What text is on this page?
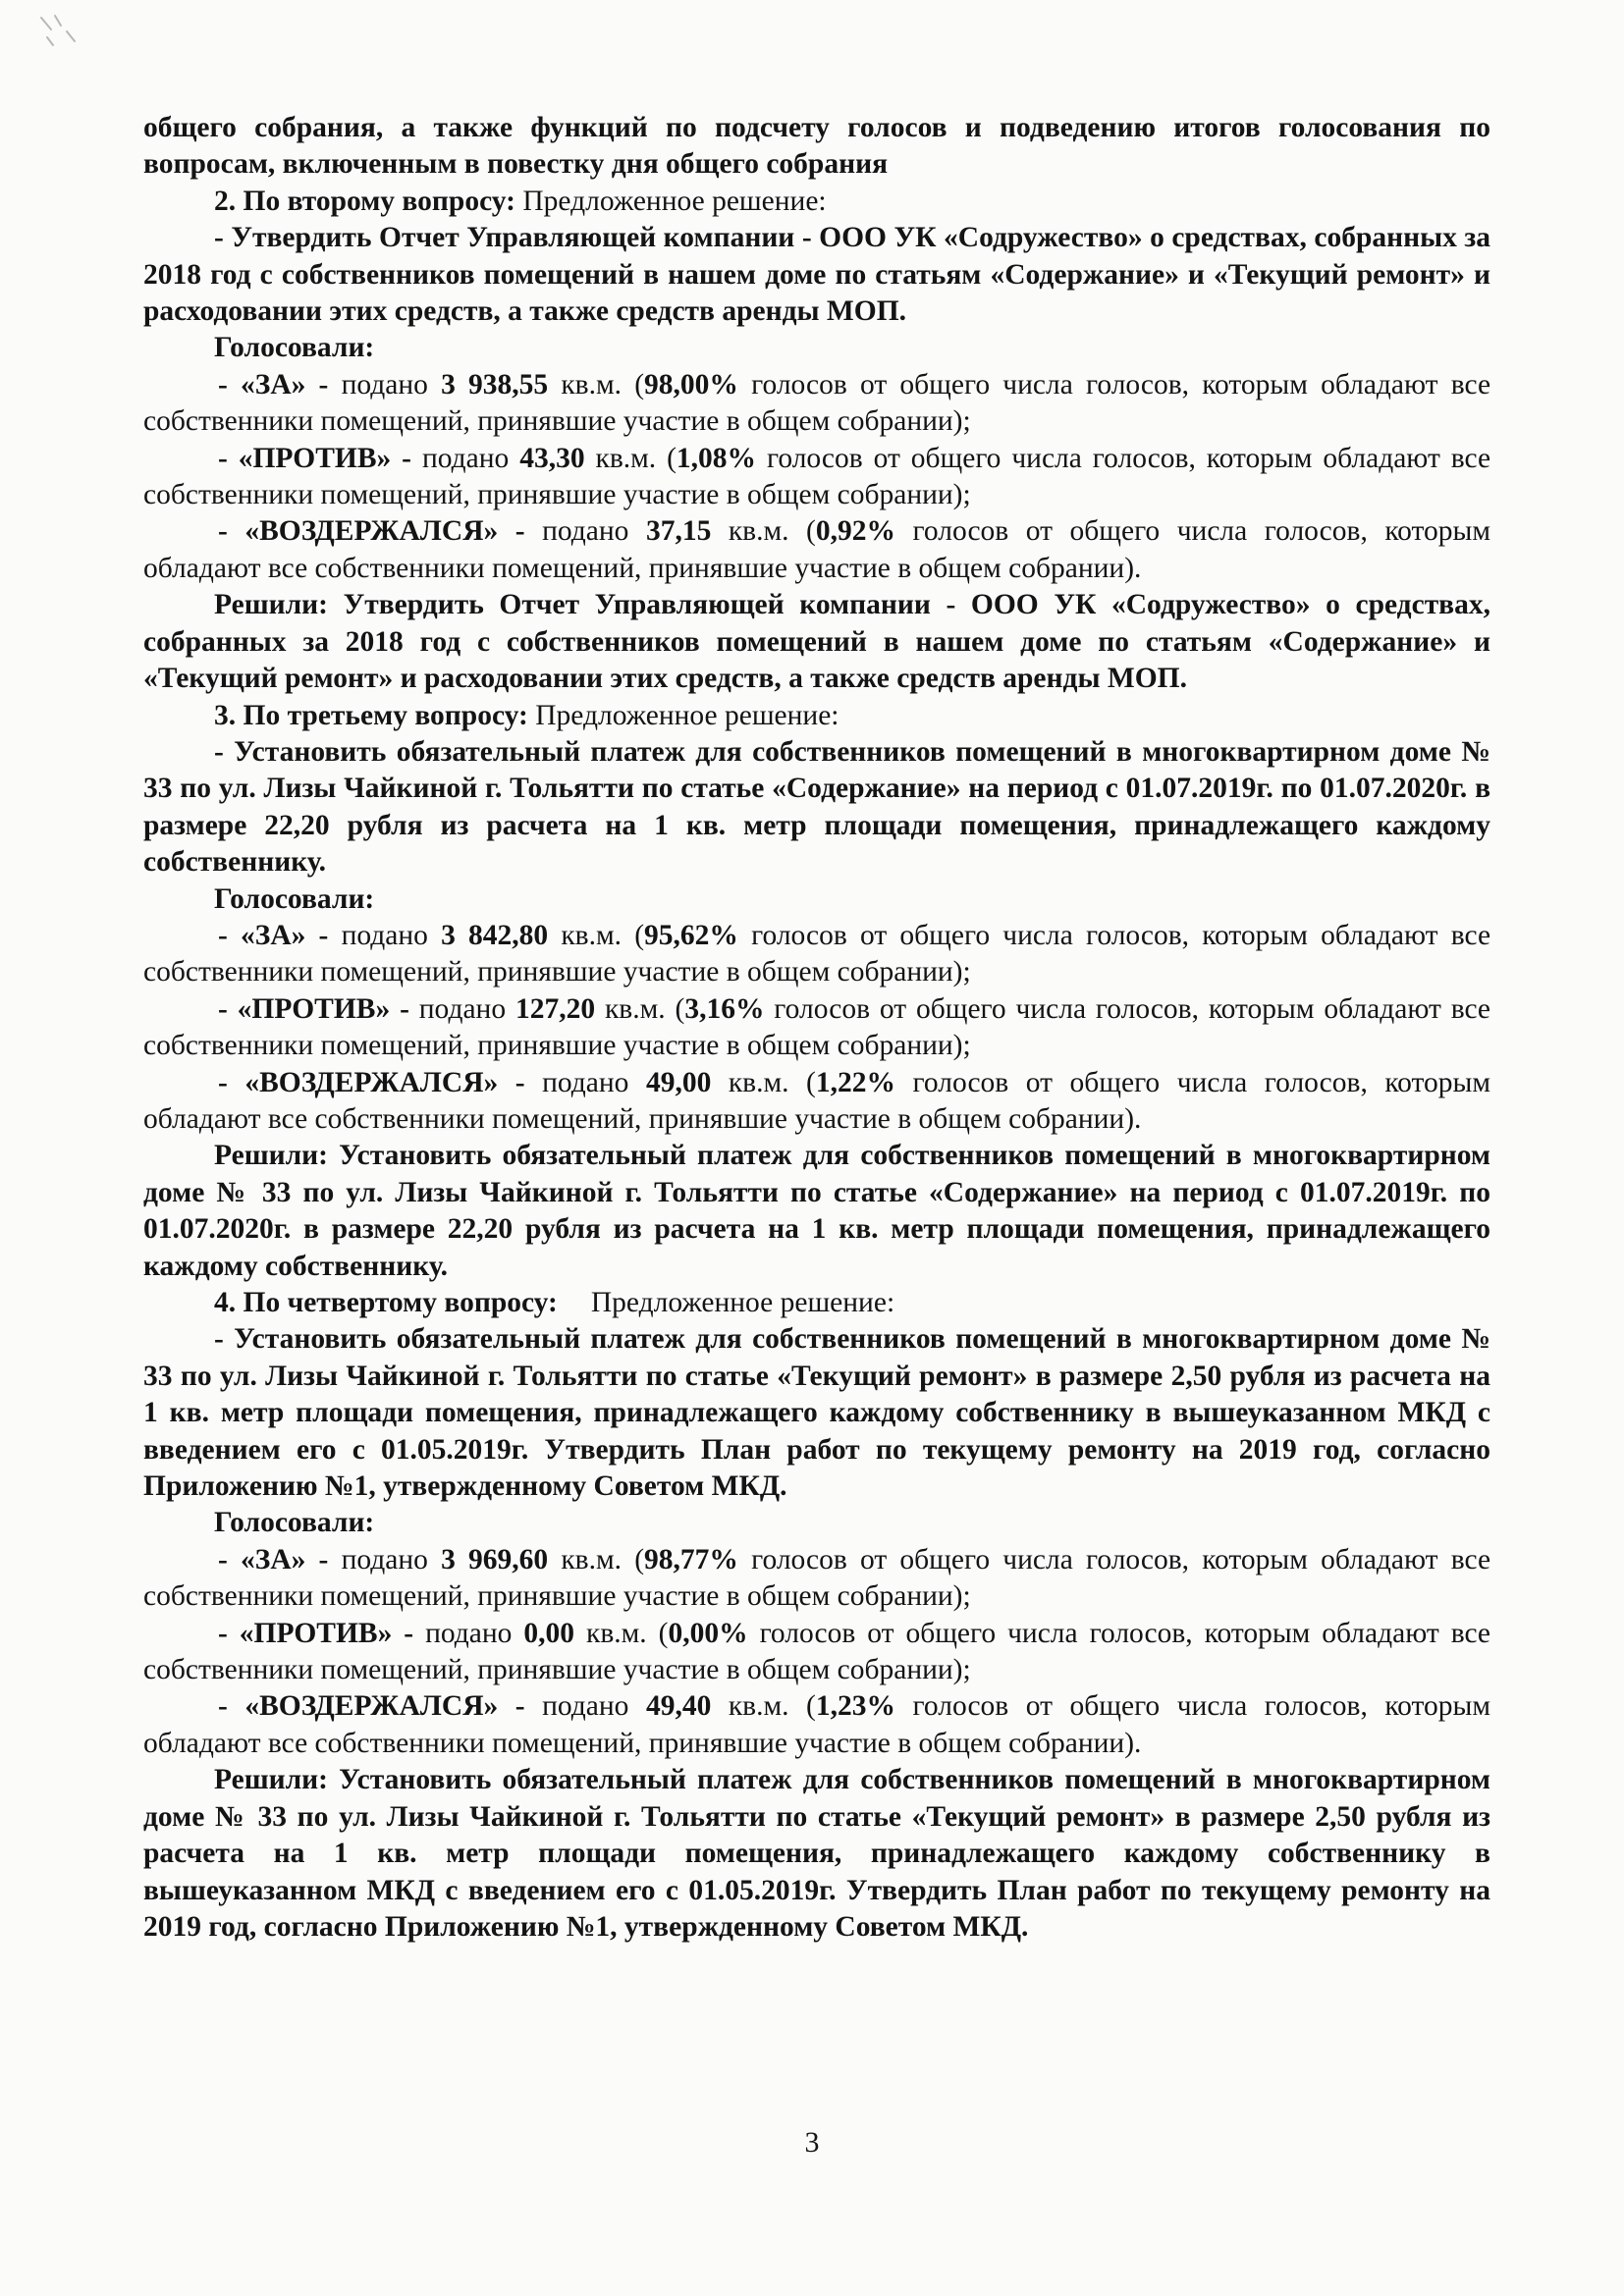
общего собрания, а также функций по подсчету голосов и подведению итогов голосования по вопросам, включенным в повестку дня общего собрания

2. По второму вопросу: Предложенное решение:

- Утвердить Отчет Управляющей компании - ООО УК «Содружество» о средствах, собранных за 2018 год с собственников помещений в нашем доме по статьям «Содержание» и «Текущий ремонт» и расходовании этих средств, а также средств аренды МОП.

Голосовали:

- «ЗА» - подано 3 938,55 кв.м. (98,00% голосов от общего числа голосов, которым обладают все собственники помещений, принявшие участие в общем собрании);

- «ПРОТИВ» - подано 43,30 кв.м. (1,08% голосов от общего числа голосов, которым обладают все собственники помещений, принявшие участие в общем собрании);

- «ВОЗДЕРЖАЛСЯ» - подано 37,15 кв.м. (0,92% голосов от общего числа голосов, которым обладают все собственники помещений, принявшие участие в общем собрании).

Решили: Утвердить Отчет Управляющей компании - ООО УК «Содружество» о средствах, собранных за 2018 год с собственников помещений в нашем доме по статьям «Содержание» и «Текущий ремонт» и расходовании этих средств, а также средств аренды МОП.

3. По третьему вопросу: Предложенное решение:

- Установить обязательный платеж для собственников помещений в многоквартирном доме № 33 по ул. Лизы Чайкиной г. Тольятти по статье «Содержание» на период с 01.07.2019г. по 01.07.2020г. в размере 22,20 рубля из расчета на 1 кв. метр площади помещения, принадлежащего каждому собственнику.

Голосовали:

- «ЗА» - подано 3 842,80 кв.м. (95,62% голосов от общего числа голосов, которым обладают все собственники помещений, принявшие участие в общем собрании);

- «ПРОТИВ» - подано 127,20 кв.м. (3,16% голосов от общего числа голосов, которым обладают все собственники помещений, принявшие участие в общем собрании);

- «ВОЗДЕРЖАЛСЯ» - подано 49,00 кв.м. (1,22% голосов от общего числа голосов, которым обладают все собственники помещений, принявшие участие в общем собрании).

Решили: Установить обязательный платеж для собственников помещений в многоквартирном доме № 33 по ул. Лизы Чайкиной г. Тольятти по статье «Содержание» на период с 01.07.2019г. по 01.07.2020г. в размере 22,20 рубля из расчета на 1 кв. метр площади помещения, принадлежащего каждому собственнику.

4. По четвертому вопросу: Предложенное решение:

- Установить обязательный платеж для собственников помещений в многоквартирном доме № 33 по ул. Лизы Чайкиной г. Тольятти по статье «Текущий ремонт» в размере 2,50 рубля из расчета на 1 кв. метр площади помещения, принадлежащего каждому собственнику в вышеуказанном МКД с введением его с 01.05.2019г. Утвердить План работ по текущему ремонту на 2019 год, согласно Приложению №1, утвержденному Советом МКД.

Голосовали:

- «ЗА» - подано 3 969,60 кв.м. (98,77% голосов от общего числа голосов, которым обладают все собственники помещений, принявшие участие в общем собрании);

- «ПРОТИВ» - подано 0,00 кв.м. (0,00% голосов от общего числа голосов, которым обладают все собственники помещений, принявшие участие в общем собрании);

- «ВОЗДЕРЖАЛСЯ» - подано 49,40 кв.м. (1,23% голосов от общего числа голосов, которым обладают все собственники помещений, принявшие участие в общем собрании).

Решили: Установить обязательный платеж для собственников помещений в многоквартирном доме № 33 по ул. Лизы Чайкиной г. Тольятти по статье «Текущий ремонт» в размере 2,50 рубля из расчета на 1 кв. метр площади помещения, принадлежащего каждому собственнику в вышеуказанном МКД с введением его с 01.05.2019г. Утвердить План работ по текущему ремонту на 2019 год, согласно Приложению №1, утвержденному Советом МКД.

3
